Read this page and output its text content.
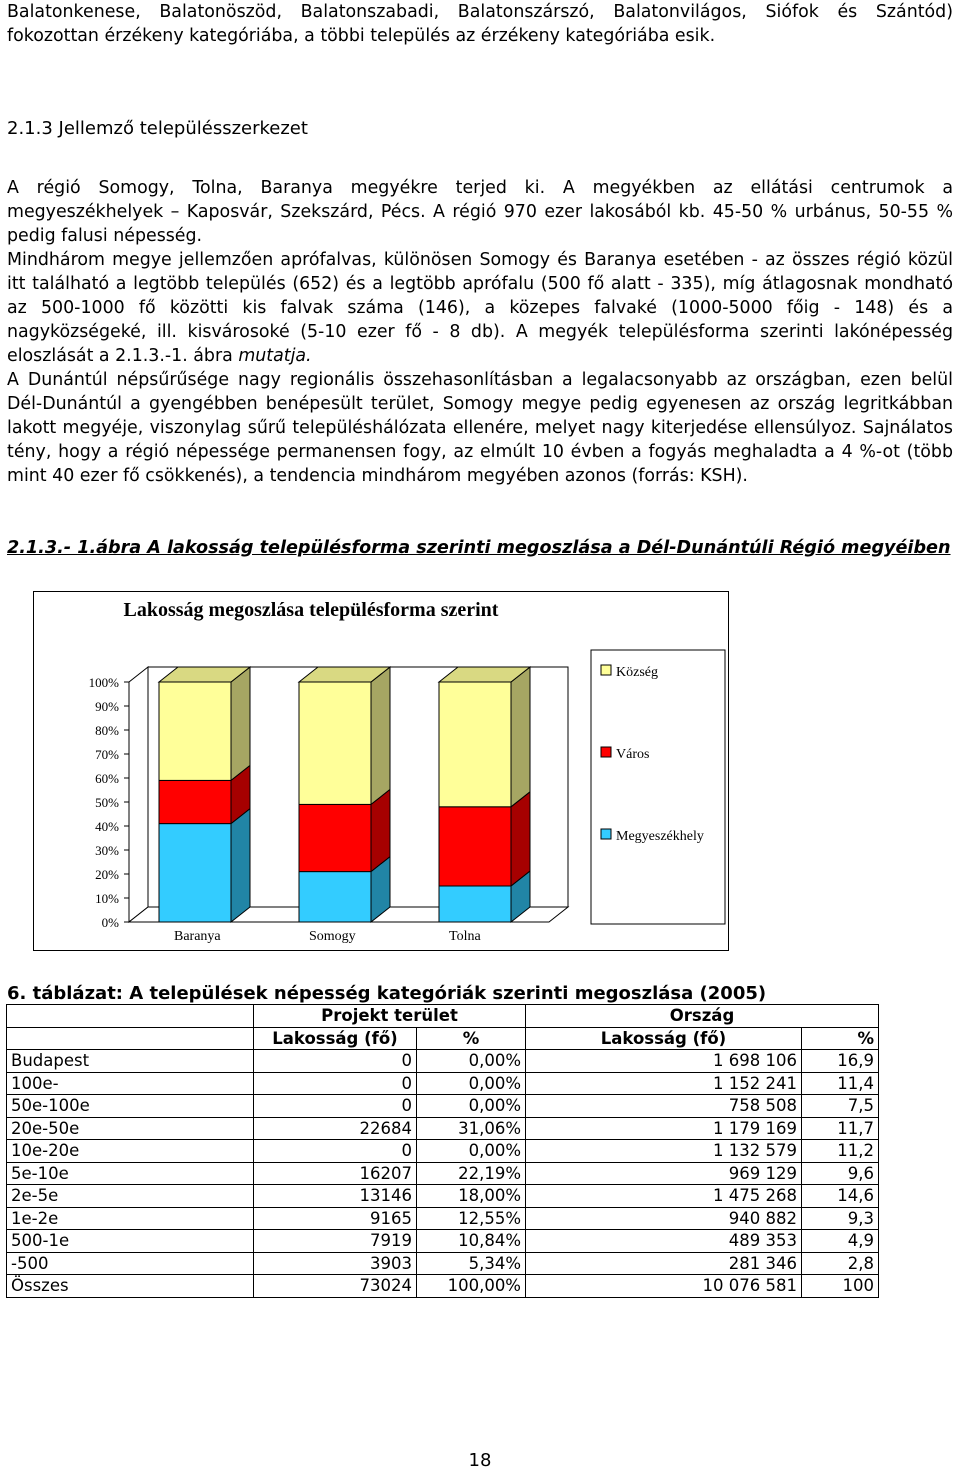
Balatonkenese, Balatonöszöd, Balatonszabadi, Balatonszárszó, Balatonvilágos, Siófok és Szántód) fokozottan érzékeny kategóriába, a többi település az érzékeny kategóriába esik.

2.1.3 Jellemző településszerkezet

A régió Somogy, Tolna, Baranya megyékre terjed ki. A megyékben az ellátási centrumok a megyeszékhelyek – Kaposvár, Szekszárd, Pécs. A régió 970 ezer lakosából kb. 45-50 % urbánus, 50-55 % pedig falusi népesség.

Mindhárom megye jellemzően aprófalvas, különösen Somogy és Baranya esetében - az összes régió közül itt található a legtöbb település (652) és a legtöbb aprófalu (500 fő alatt - 335), míg átlagosnak mondható az 500-1000 fő közötti kis falvak száma (146), a közepes falvaké (1000-5000 főig - 148) és a nagyközségeké, ill. kisvárosoké (5-10 ezer fő - 8 db). A megyék településforma szerinti lakónépesség eloszlását a 2.1.3.-1. ábra mutatja.

A Dunántúl népsűrűsége nagy regionális összehasonlításban a legalacsonyabb az országban, ezen belül Dél-Dunántúl a gyengébben benépesült terület, Somogy megye pedig egyenesen az ország legritkábban lakott megyéje, viszonylag sűrű településhálózata ellenére, melyet nagy kiterjedése ellensúlyoz. Sajnálatos tény, hogy a régió népessége permanensen fogy, az elmúlt 10 évben a fogyás meghaladta a 4 %-ot (több mint 40 ezer fő csökkenés), a tendencia mindhárom megyében azonos (forrás: KSH).

2.1.3.- 1.ábra A lakosság településforma szerinti megoszlása a Dél-Dunántúli Régió megyéiben

Lakosság megoszlása településforma szerint
0%
10%
20%
30%
40%
50%
60%
70%
80%
90%
100%
Baranya	Somogy	Tolna
Község
Város
Megyeszékhely

6. táblázat: A települések népesség kategóriák szerinti megoszlása (2005)

	Projekt terület		Ország	
	Lakosság (fő)	%	Lakosság (fő)	%
Budapest	0	0,00%	1 698 106	16,9
100e-	0	0,00%	1 152 241	11,4
50e-100e	0	0,00%	758 508	7,5
20e-50e	22684	31,06%	1 179 169	11,7
10e-20e	0	0,00%	1 132 579	11,2
5e-10e	16207	22,19%	969 129	9,6
2e-5e	13146	18,00%	1 475 268	14,6
1e-2e	9165	12,55%	940 882	9,3
500-1e	7919	10,84%	489 353	4,9
-500	3903	5,34%	281 346	2,8
Összes	73024	100,00%	10 076 581	100
18
